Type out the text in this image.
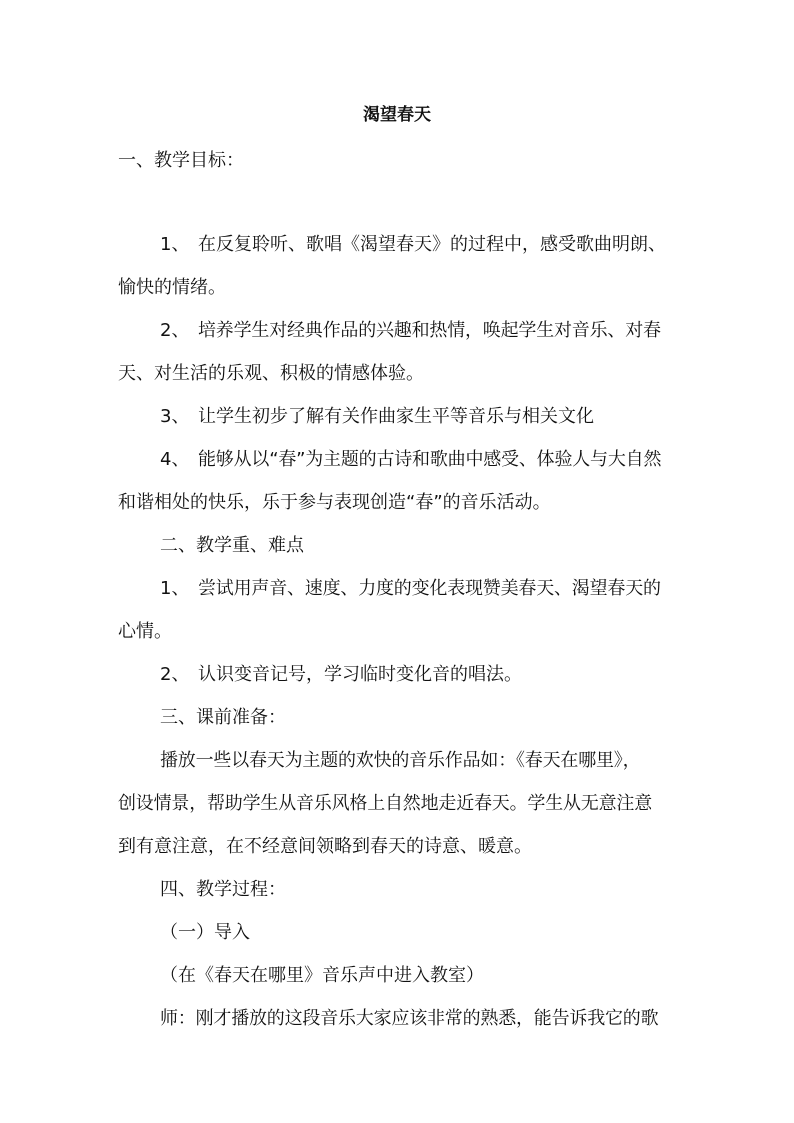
渴望春天
一、教学目标：
1、 在反复聆听、歌唱《渴望春天》的过程中，感受歌曲明朗、
愉快的情绪。
2、 培养学生对经典作品的兴趣和热情，唤起学生对音乐、对春
天、对生活的乐观、积极的情感体验。
3、 让学生初步了解有关作曲家生平等音乐与相关文化
4、 能够从以“春”为主题的古诗和歌曲中感受、体验人与大自然
和谐相处的快乐，乐于参与表现创造“春”的音乐活动。
二、教学重、难点
1、 尝试用声音、速度、力度的变化表现赞美春天、渴望春天的
心情。
2、 认识变音记号，学习临时变化音的唱法。
三、课前准备：
播放一些以春天为主题的欢快的音乐作品如：《春天在哪里》，
创设情景，帮助学生从音乐风格上自然地走近春天。学生从无意注意
到有意注意，在不经意间领略到春天的诗意、暖意。
四、教学过程：
（一）导入
（在《春天在哪里》音乐声中进入教室）
师：刚才播放的这段音乐大家应该非常的熟悉，能告诉我它的歌
